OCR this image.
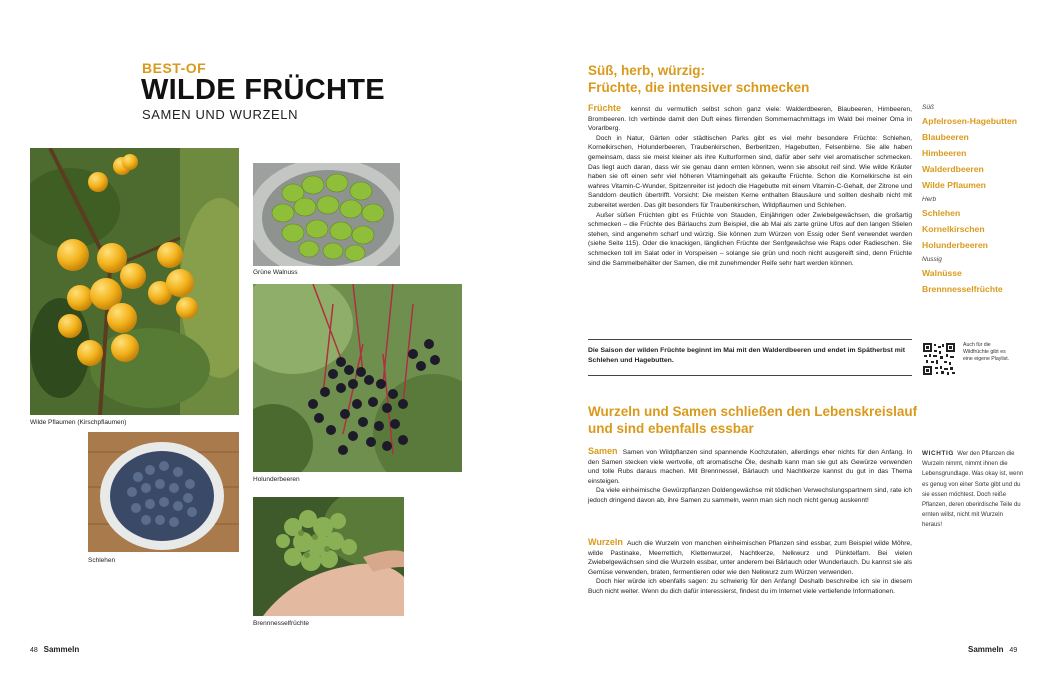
BEST-OF
WILDE FRÜCHTE
SAMEN UND WURZELN
Wilde Pflaumen (Kirschpflaumen)
Grüne Walnuss
Holunderbeeren
Schlehen
Brennnesselfrüchte
48 Sammeln
Süß, herb, würzig:
Früchte, die intensiver schmecken

Früchte kennst du vermutlich selbst schon ganz viele: Walderdbeeren, Blaubeeren, Himbeeren, Brombeeren. Ich verbinde damit den Duft eines flirrenden Sommernachmittags im Wald bei meiner Oma in Vorarlberg.

Doch in Natur, Gärten oder städtischen Parks gibt es viel mehr besondere Früchte: Schlehen, Kornelkirschen, Holunderbeeren, Traubenkirschen, Berberitzen, Hagebutten, Felsenbirne. Sie alle haben gemeinsam, dass sie meist kleiner als ihre Kulturformen sind, dafür aber sehr viel aromatischer schmecken. Das liegt auch daran, dass wir sie genau dann ernten können, wenn sie absolut reif sind. Wie wilde Kräuter haben sie oft einen sehr viel höheren Vitamingehalt als gekaufte Früchte. Schon die Kornelkirsche ist ein wahres Vitamin-C-Wunder, Spitzenreiter ist jedoch die Hagebutte mit einem Vitamin-C-Gehalt, der Zitrone und Sanddorn deutlich übertrifft. Vorsicht: Die meisten Kerne enthalten Blausäure und sollten deshalb nicht mit zubereitet werden. Das gilt besonders für Traubenkirschen, Wildpflaumen und Schlehen.

Außer süßen Früchten gibt es Früchte von Stauden, Einjährigen oder Zwiebelgewächsen, die großartig schmecken – die Früchte des Bärlauchs zum Beispiel, die ab Mai als zarte grüne Ufos auf den langen Stielen stehen, sind angenehm scharf und würzig. Sie können zum Würzen von Essig oder Senf verwendet werden (siehe Seite 115). Oder die knackigen, länglichen Früchte der Senfgewächse wie Raps oder Radieschen. Sie schmecken toll im Salat oder in Vorspeisen – solange sie grün und noch nicht ausgereift sind, denn Früchte sind die Sammelbehälter der Samen, die mit zunehmender Reife sehr hart werden können.

Die Saison der wilden Früchte beginnt im Mai mit den Walderdbeeren und endet im Spätherbst mit Schlehen und Hagebutten.
Auch für die Wildfrüchte gibt es eine eigene Playlist.
Süß
Apfelrosen-Hagebutten
Blaubeeren
Himbeeren
Walderdbeeren
Wilde Pflaumen
Herb
Schlehen
Kornelkirschen
Holunderbeeren
Nussig
Walnüsse
Brennnesselfrüchte
Wurzeln und Samen schließen den Lebenskreislauf
und sind ebenfalls essbar

Samen Samen von Wildpflanzen sind spannende Kochzutaten, allerdings eher nichts für den Anfang. In den Samen stecken viele wertvolle, oft aromatische Öle, deshalb kann man sie gut als Gewürze verwenden und tolle Rubs daraus machen. Mit Brennnessel, Bärlauch und Nachtkerze kannst du gut in das Thema einsteigen.

Da viele einheimische Gewürzpflanzen Doldengewächse mit tödlichen Verwechslungspartnern sind, rate ich jedoch dringend davon ab, ihre Samen zu sammeln, wenn man sich noch nicht genug auskennt!

Wurzeln Auch die Wurzeln von manchen einheimischen Pflanzen sind essbar, zum Beispiel wilde Möhre, wilde Pastinake, Meerrettich, Klettenwurzel, Nachtkerze, Nelkwurz und Pünktelfarn. Bei vielen Zwiebelgewächsen sind die Wurzeln essbar, unter anderem bei Bärlauch oder Wunderlauch. Du kannst sie als Gemüse verwenden, braten, fermentieren oder wie den Nelkwurz zum Würzen verwenden.

Doch hier würde ich ebenfalls sagen: zu schwierig für den Anfang! Deshalb beschreibe ich sie in diesem Buch nicht weiter. Wenn du dich dafür interessierst, findest du im Internet viele vertiefende Informationen.

WICHTIG Wer den Pflanzen die Wurzeln nimmt, nimmt ihnen die Lebensgrundlage. Was okay ist, wenn es genug von einer Sorte gibt und du sie essen möchtest. Doch reiße Pflanzen, deren oberirdische Teile du ernten willst, nicht mit Wurzeln heraus!
Sammeln 49
